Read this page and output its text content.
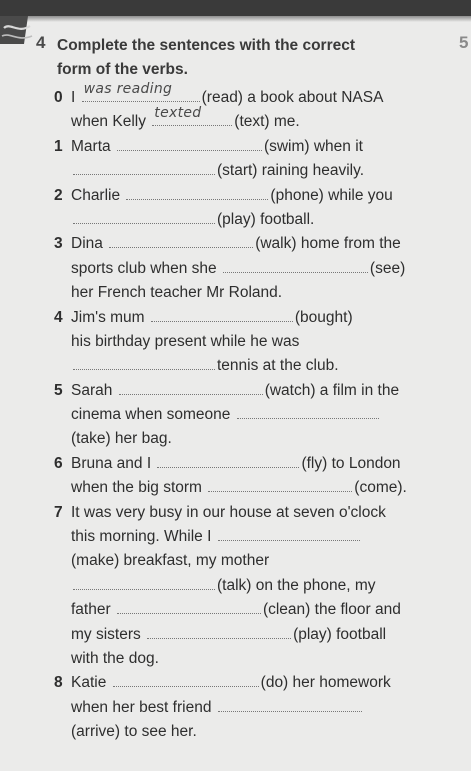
4 Complete the sentences with the correct
form of the verbs.
5
0 I
was reading
(read) a book about NASA
when Kelly
texted
(text) me.
1 Marta	(swim) when it
(start) raining heavily.
2 Charlie	(phone) while you
(play) football.
3 Dina	(walk) home from the
sports club when she	(see)
her French teacher Mr Roland.
4 Jim's mum	(bought)
his birthday present while he was
tennis at the club.
5 Sarah	(watch) a film in the
cinema when someone
(take) her bag.
6 Bruna and I	(fly) to London
when the big storm	(come).
7 It was very busy in our house at seven o'clock
this morning. While I
(make) breakfast, my mother
(talk) on the phone, my
father	(clean) the floor and
my sisters	(play) football
with the dog.
8 Katie	(do) her homework
when her best friend
(arrive) to see her.
